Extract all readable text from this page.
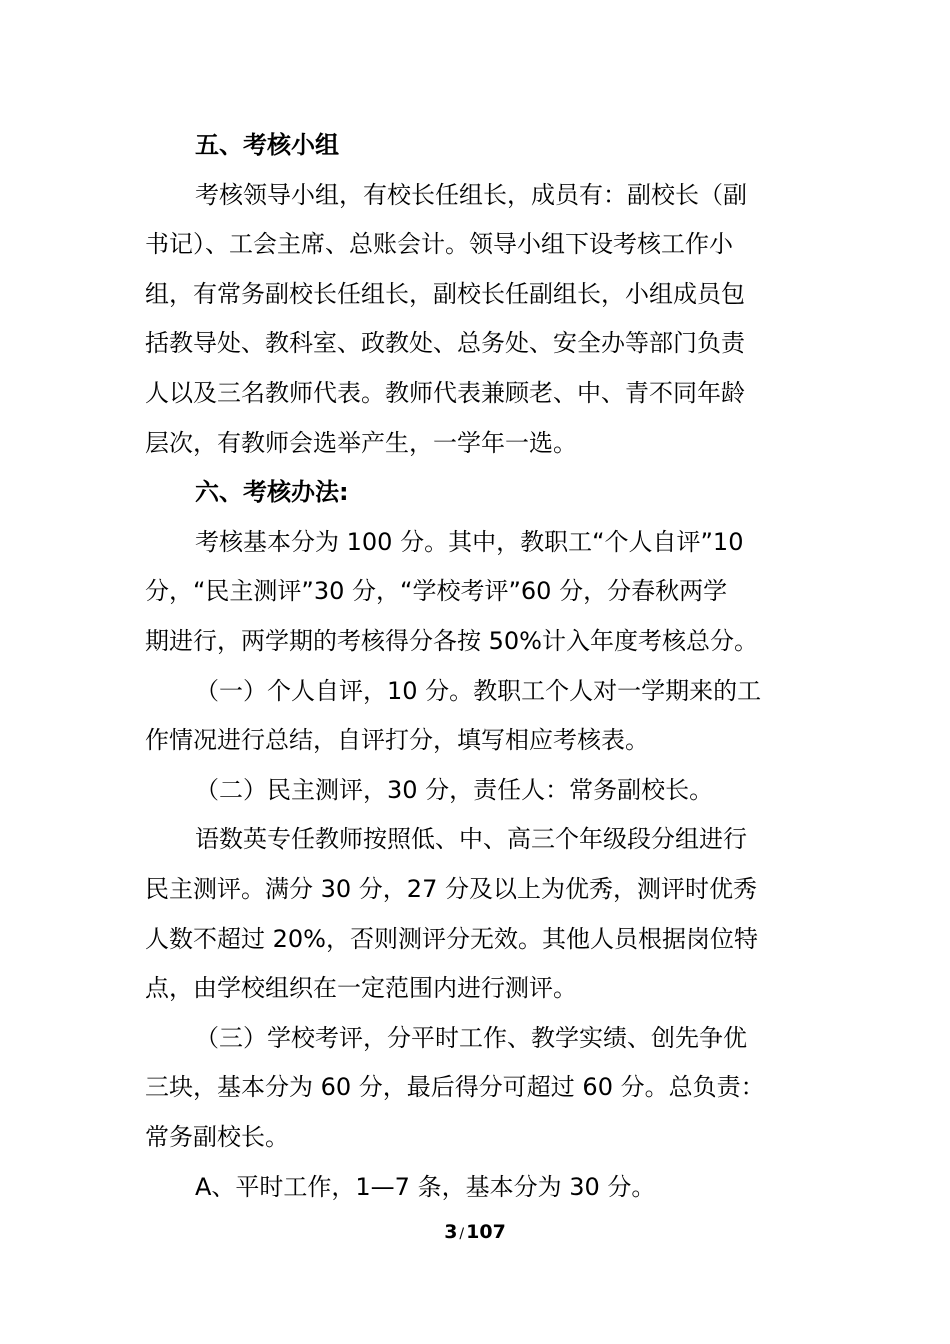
五、考核小组
考核领导小组，有校长任组长，成员有：副校长（副
书记）、工会主席、总账会计。领导小组下设考核工作小
组，有常务副校长任组长，副校长任副组长，小组成员包
括教导处、教科室、政教处、总务处、安全办等部门负责
人以及三名教师代表。教师代表兼顾老、中、青不同年龄
层次，有教师会选举产生，一学年一选。
六、考核办法:
考核基本分为 100 分。其中，教职工“个人自评”10
分，“民主测评”30 分，“学校考评”60 分，分春秋两学
期进行，两学期的考核得分各按 50%计入年度考核总分。
（一）个人自评，10 分。教职工个人对一学期来的工
作情况进行总结，自评打分，填写相应考核表。
（二）民主测评，30 分，责任人：常务副校长。
语数英专任教师按照低、中、高三个年级段分组进行
民主测评。满分 30 分，27 分及以上为优秀，测评时优秀
人数不超过 20%，否则测评分无效。其他人员根据岗位特
点，由学校组织在一定范围内进行测评。
（三）学校考评，分平时工作、教学实绩、创先争优
三块，基本分为 60 分，最后得分可超过 60 分。总负责：
常务副校长。
A、平时工作，1—7 条，基本分为 30 分。
3 / 107
